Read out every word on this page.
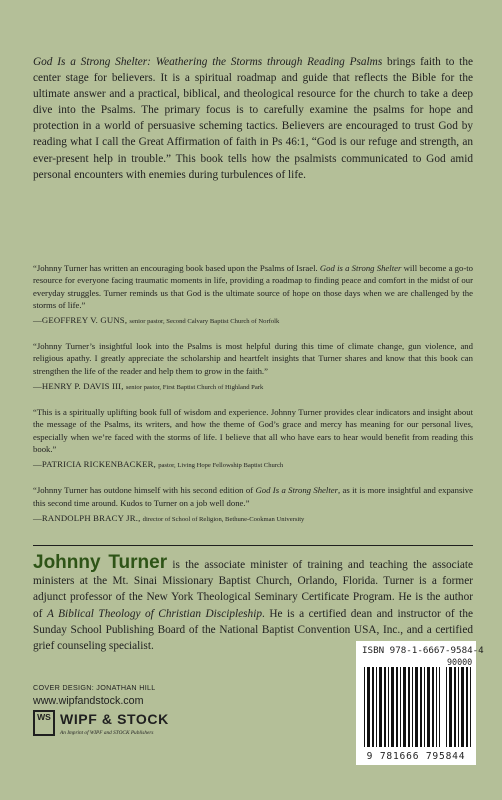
God Is a Strong Shelter: Weathering the Storms through Reading Psalms brings faith to the center stage for believers. It is a spiritual roadmap and guide that reflects the Bible for the ultimate answer and a practical, biblical, and theological resource for the church to take a deep dive into the Psalms. The primary focus is to carefully examine the psalms for hope and protection in a world of persuasive scheming tactics. Believers are encouraged to trust God by reading what I call the Great Affirmation of faith in Ps 46:1, “God is our refuge and strength, an ever-present help in trouble.” This book tells how the psalmists communicated to God amid personal encounters with enemies during turbulences of life.

“Johnny Turner has written an encouraging book based upon the Psalms of Israel. God is a Strong Shelter will become a go-to resource for everyone facing traumatic moments in life, providing a roadmap to finding peace and comfort in the midst of our everyday struggles. Turner reminds us that God is the ultimate source of hope on those days when we are challenged by the storms of life.”

—GEOFFREY V. GUNS, senior pastor, Second Calvary Baptist Church of Norfolk

“Johnny Turner’s insightful look into the Psalms is most helpful during this time of climate change, gun violence, and religious apathy. I greatly appreciate the scholarship and heartfelt insights that Turner shares and know that this book can strengthen the life of the reader and help them to grow in the faith.”

—HENRY P. DAVIS III, senior pastor, First Baptist Church of Highland Park

“This is a spiritually uplifting book full of wisdom and experience. Johnny Turner provides clear indicators and insight about the message of the Psalms, its writers, and how the theme of God’s grace and mercy has meaning for our personal lives, especially when we’re faced with the storms of life. I believe that all who have ears to hear would benefit from reading this book.”

—PATRICIA RICKENBACKER, pastor, Living Hope Fellowship Baptist Church

“Johnny Turner has outdone himself with his second edition of God Is a Strong Shelter, as it is more insightful and expansive this second time around. Kudos to Turner on a job well done.”

—RANDOLPH BRACY JR., director of School of Religion, Bethune-Cookman University

Johnny Turner is the associate minister of training and teaching the associate ministers at the Mt. Sinai Missionary Baptist Church, Orlando, Florida. Turner is a former adjunct professor of the New York Theological Seminary Certificate Program. He is the author of A Biblical Theology of Christian Discipleship. He is a certified dean and instructor of the Sunday School Publishing Board of the National Baptist Convention USA, Inc., and a certified grief counseling specialist.

COVER DESIGN: JONATHAN HILL
www.wipfandstock.com
WS WIPF & STOCK
An Imprint of WIPF and STOCK Publishers
ISBN 978-1-6667-9584-4
90000
9 781666 795844
